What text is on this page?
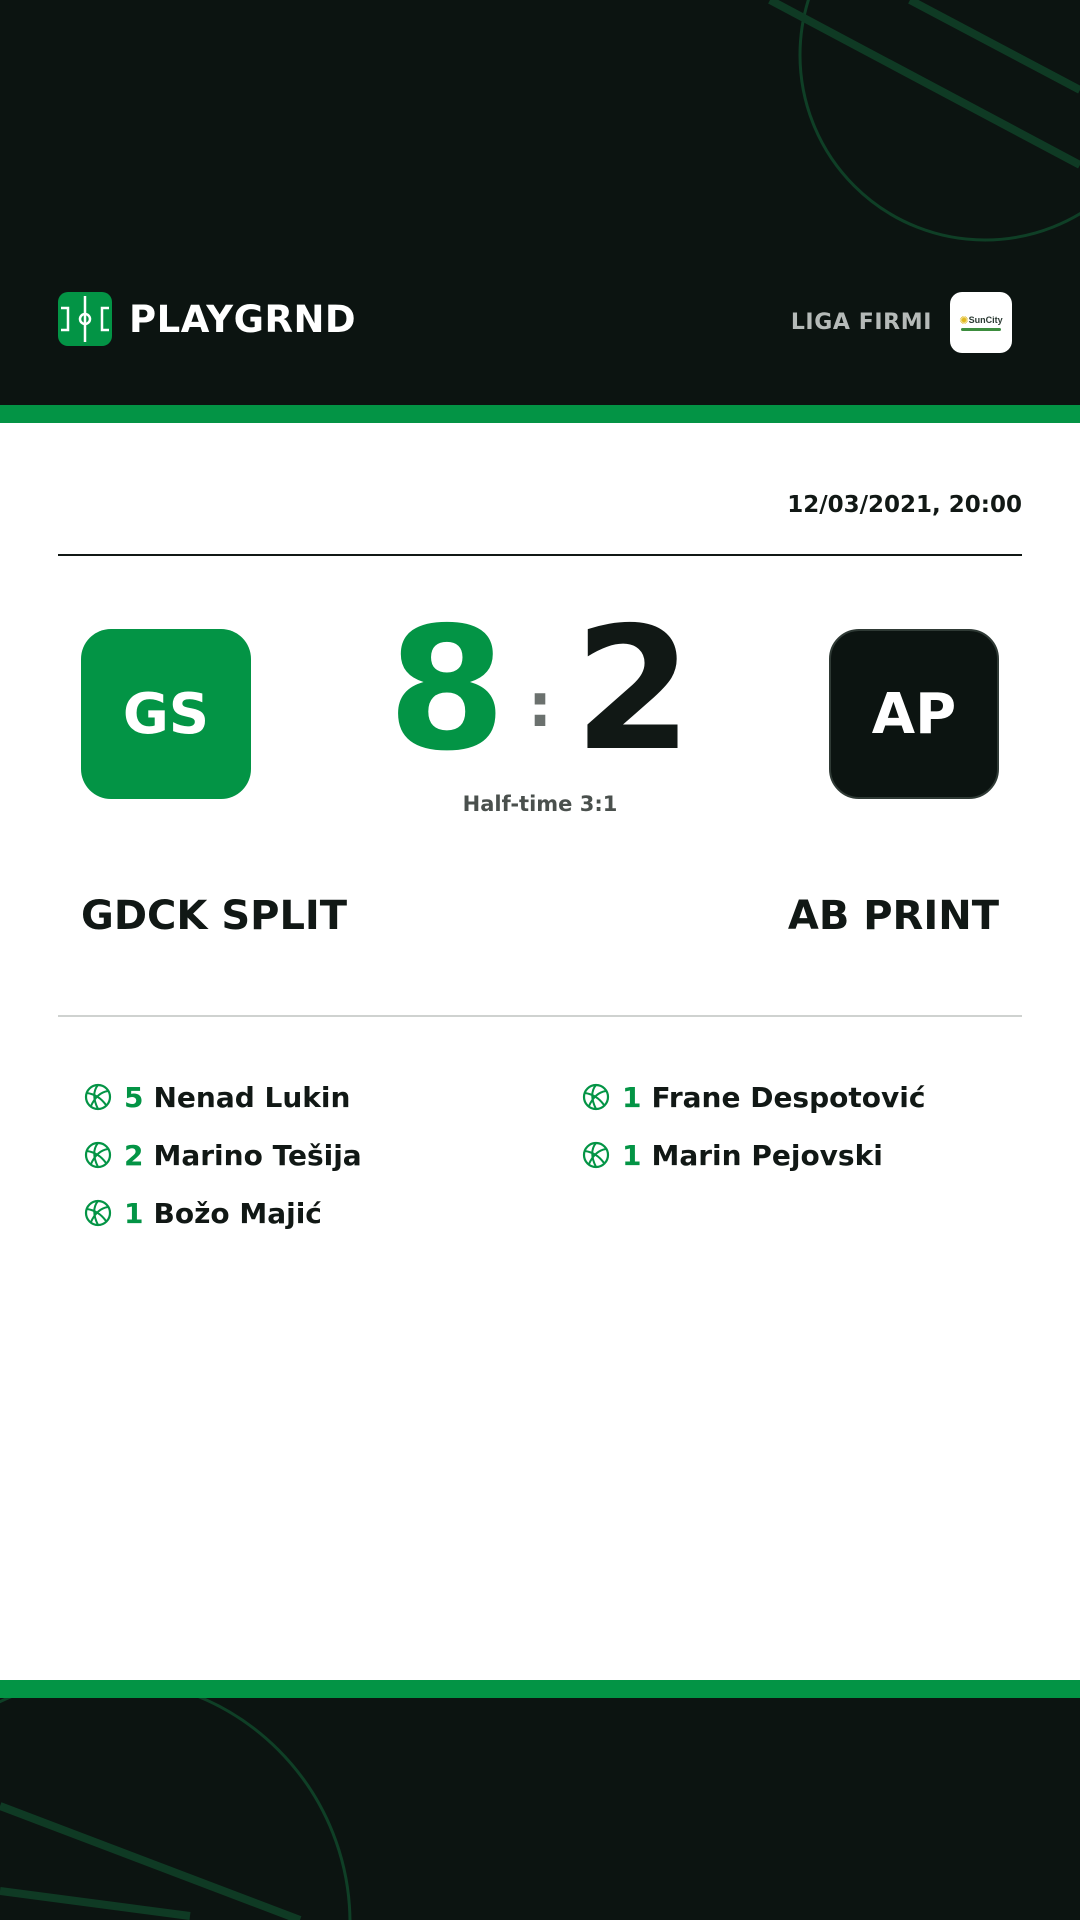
PLAYGRND	LIGA FIRMI ✺ SunCity
12/03/2021, 20:00
GS	AP
8 : 2
Half-time 3:1
GDCK SPLIT	AB PRINT
5 Nenad Lukin
2 Marino Tešija
1 Božo Majić
1 Frane Despotović
1 Marin Pejovski
